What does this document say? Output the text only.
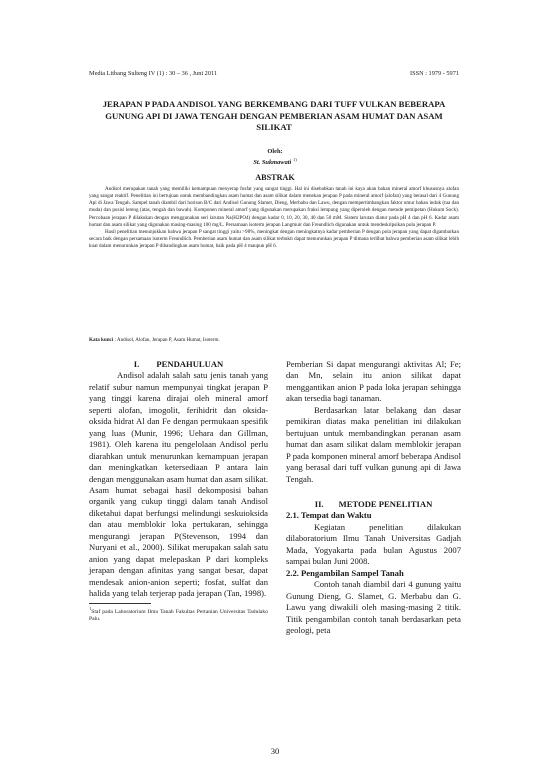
Media Litbang Sulteng IV (1) : 30 – 36 , Juni 2011	ISSN : 1979 - 5971
JERAPAN P PADA ANDISOL YANG BERKEMBANG DARI TUFF VULKAN BEBERAPA GUNUNG API DI JAWA TENGAH DENGAN PEMBERIAN ASAM HUMAT DAN ASAM SILIKAT
Oleh:
St. Sukmawati $^{1)}$
ABSTRAK

Andisol merupakan tanah yang memiliki kemampuan menyerap fosfat yang sangat tinggi. Hal ini disebabkan tanah ini kaya akan bahan mineral amorf khususnya alofan yang sangat reaktif. Penelitian ini bertujuan untuk membandingkan asam humat dan asam silikat dalam menekan jerapan P pada mineral amorf (alofan) yang berasal dari 4 Gunung Api di Jawa Tengah. Sampel tanah diambil dari horison B/C dari Andisol Gunung Slamet, Dieng, Merbabu dan Lawu, dengan mempertimbangkan faktor umur bahan induk (tua dan muda) dan posisi lereng (atas, tengah dan bawah). Komponen mineral amorf yang digunakan merupakan fraksi lempung yang diperoleh dengan metode pemipetan (Hukum Sock). Percobaan jerapan P dilakukan dengan menggunakan seri larutan Na(H2PO4) dengan kadar 0, 10, 20, 30, 40 dan 50 mM. Sistem larutan diatur pada pH 4 dan pH 6. Kadar asam humat dan asam silikat yang digunakan masing-masing 100 mg/L. Persamaan isoterm jerapan Langmuir dan Freundlich digunakan untuk mendeskripsikan pola jerapan P.

Hasil penelitian menunjukkan bahwa jerapan P sangat tinggi yaitu >98%, meningkat dengan meningkatnya kadar pemberian P dengan pola jerapan yang dapat digambarkan secara baik dengan persamaan isoterm Freundlich. Pemberian asam humat dan asam silikat terbukti dapat menurunkan jerapan P dimana terlihat bahwa pemberian asam silikat lebih kuat dalam menurunkan jerapan P dibandingkan asam humat, baik pada pH 4 maupun pH 6.

Kata kunci : Andisol, Alofan, Jerapan P, Asam Humat, Isoterm.

I.        PENDAHULUAN

Andisol adalah salah satu jenis tanah yang relatif subur namun mempunyai tingkat jerapan P yang tinggi karena dirajai oleh mineral amorf seperti alofan, imogolit, ferihidrit dan oksida-oksida hidrat Al dan Fe dengan permukaan spesifik yang luas (Munir, 1996; Uehara dan Gillman, 1981). Oleh karena itu pengelolaan Andisol perlu diarahkan untuk menurunkan kemampuan jerapan dan meningkatkan ketersediaan P antara lain dengan menggunakan asam humat dan asam silikat. Asam humat sebagai hasil dekomposisi bahan organik yang cukup tinggi dalam tanah Andisol diketahui dapat berfungsi melindungi seskuioksida dan atau memblokir loka pertukaran, sehingga mengurangi jerapan P(Stevenson, 1994 dan Nuryani et al., 2000). Silikat merupakan salah satu anion yang dapat melepaskan P dari kompleks jerapan dengan afinitas yang sangat besar, dapat mendesak anion-anion seperti; fosfat, sulfat dan halida yang telah terjerap pada jerapan (Tan, 1998).

$^1$Staf pada Laboratorium Ilmu Tanah Fakultas Pertanian Universitas Tadulako Palu.

Pemberian Si dapat mengurangi aktivitas Al; Fe; dan Mn, selain itu anion silikat dapat menggantikan anion P pada loka jerapan sehingga akan tersedia bagi tanaman.

Berdasarkan latar belakang dan dasar pemikiran diatas maka penelitian ini dilakukan bertujuan untuk membandingkan peranan asam humat dan asam silikat dalam memblokir jerapan P pada komponen mineral amorf beberapa Andisol yang berasal dari tuff vulkan gunung api di Jawa Tengah.

II.       METODE PENELITIAN

2.1. Tempat dan Waktu

Kegiatan penelitian dilakukan dilaboratorium Ilmu Tanah Universitas Gadjah Mada, Yogyakarta pada bulan Agustus 2007 sampai bulan Juni 2008.

2.2. Pengambilan Sampel Tanah

Contoh tanah diambil dari 4 gunung yaitu Gunung Dieng, G. Slamet, G. Merbabu dan G. Lawu yang diwakili oleh masing-masing 2 titik. Titik pengambilan contoh tanah berdasarkan peta geologi, peta

30
